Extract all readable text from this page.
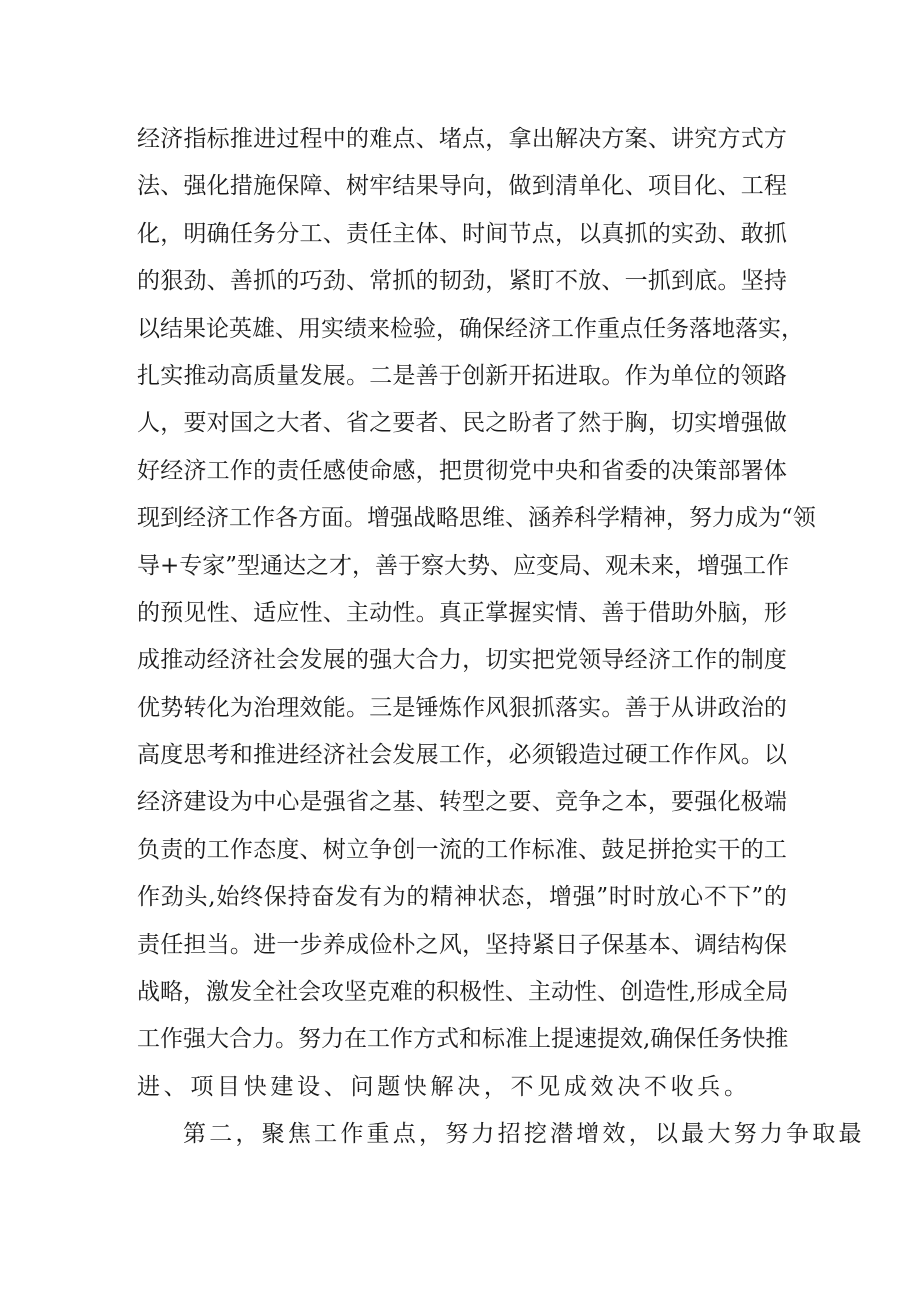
经 济 指 标 推 进 过 程 中 的 难 点 、 堵 点 ， 拿 出 解 决 方 案 、 讲 究 方 式 方
法 、 强 化 措 施 保 障 、 树 牢 结 果 导 向 ， 做 到 清 单 化 、 项 目 化 、 工 程
化 ， 明 确 任 务 分 工 、 责 任 主 体 、 时 间 节 点 ， 以 真 抓 的 实 劲 、 敢 抓
的 狠 劲 、 善 抓 的 巧 劲 、 常 抓 的 韧 劲 ， 紧 盯 不 放 、 一 抓 到 底 。 坚 持
以 结 果 论 英 雄 、 用 实 绩 来 检 验 ， 确 保 经 济 工 作 重 点 任 务 落 地 落 实 ，
扎 实 推 动 高 质 量 发 展 。 二 是 善 于 创 新 开 拓 进 取 。 作 为 单 位 的 领 路
人 ， 要 对 国 之 大 者 、 省 之 要 者 、 民 之 盼 者 了 然 于 胸 ， 切 实 增 强 做
好 经 济 工 作 的 责 任 感 使 命 感 ， 把 贯 彻 党 中 央 和 省 委 的 决 策 部 署 体
现 到 经 济 工 作 各 方 面 。 增 强 战 略 思 维 、 涵 养 科 学 精 神 ， 努 力 成 为 “ 领
导 + 专 家 ” 型 通 达 之 才 ， 善 于 察 大 势 、 应 变 局 、 观 未 来 ， 增 强 工 作
的 预 见 性 、 适 应 性 、 主 动 性 。 真 正 掌 握 实 情 、 善 于 借 助 外 脑 ， 形
成 推 动 经 济 社 会 发 展 的 强 大 合 力 ， 切 实 把 党 领 导 经 济 工 作 的 制 度
优 势 转 化 为 治 理 效 能 。 三 是 锤 炼 作 风 狠 抓 落 实 。 善 于 从 讲 政 治 的
高 度 思 考 和 推 进 经 济 社 会 发 展 工 作 ， 必 须 锻 造 过 硬 工 作 作 风 。 以
经 济 建 设 为 中 心 是 强 省 之 基 、 转 型 之 要 、 竞 争 之 本 ， 要 强 化 极 端
负 责 的 工 作 态 度 、 树 立 争 创 一 流 的 工 作 标 准 、 鼓 足 拼 抢 实 干 的 工
作 劲 头 , 始 终 保 持 奋 发 有 为 的 精 神 状 态 ， 增 强 ” 时 时 放 心 不 下 ” 的
责 任 担 当 。 进 一 步 养 成 俭 朴 之 风 ， 坚 持 紧 日 子 保 基 本 、 调 结 构 保
战 略 ， 激 发 全 社 会 攻 坚 克 难 的 积 极 性 、 主 动 性 、 创 造 性 , 形 成 全 局
工 作 强 大 合 力 。 努 力 在 工 作 方 式 和 标 准 上 提 速 提 效 , 确 保 任 务 快 推
进、项目快建设、问题快解决，不见成效决不收兵。
第二，聚焦工作重点，努力招挖潜增效，以最大努力争取最
